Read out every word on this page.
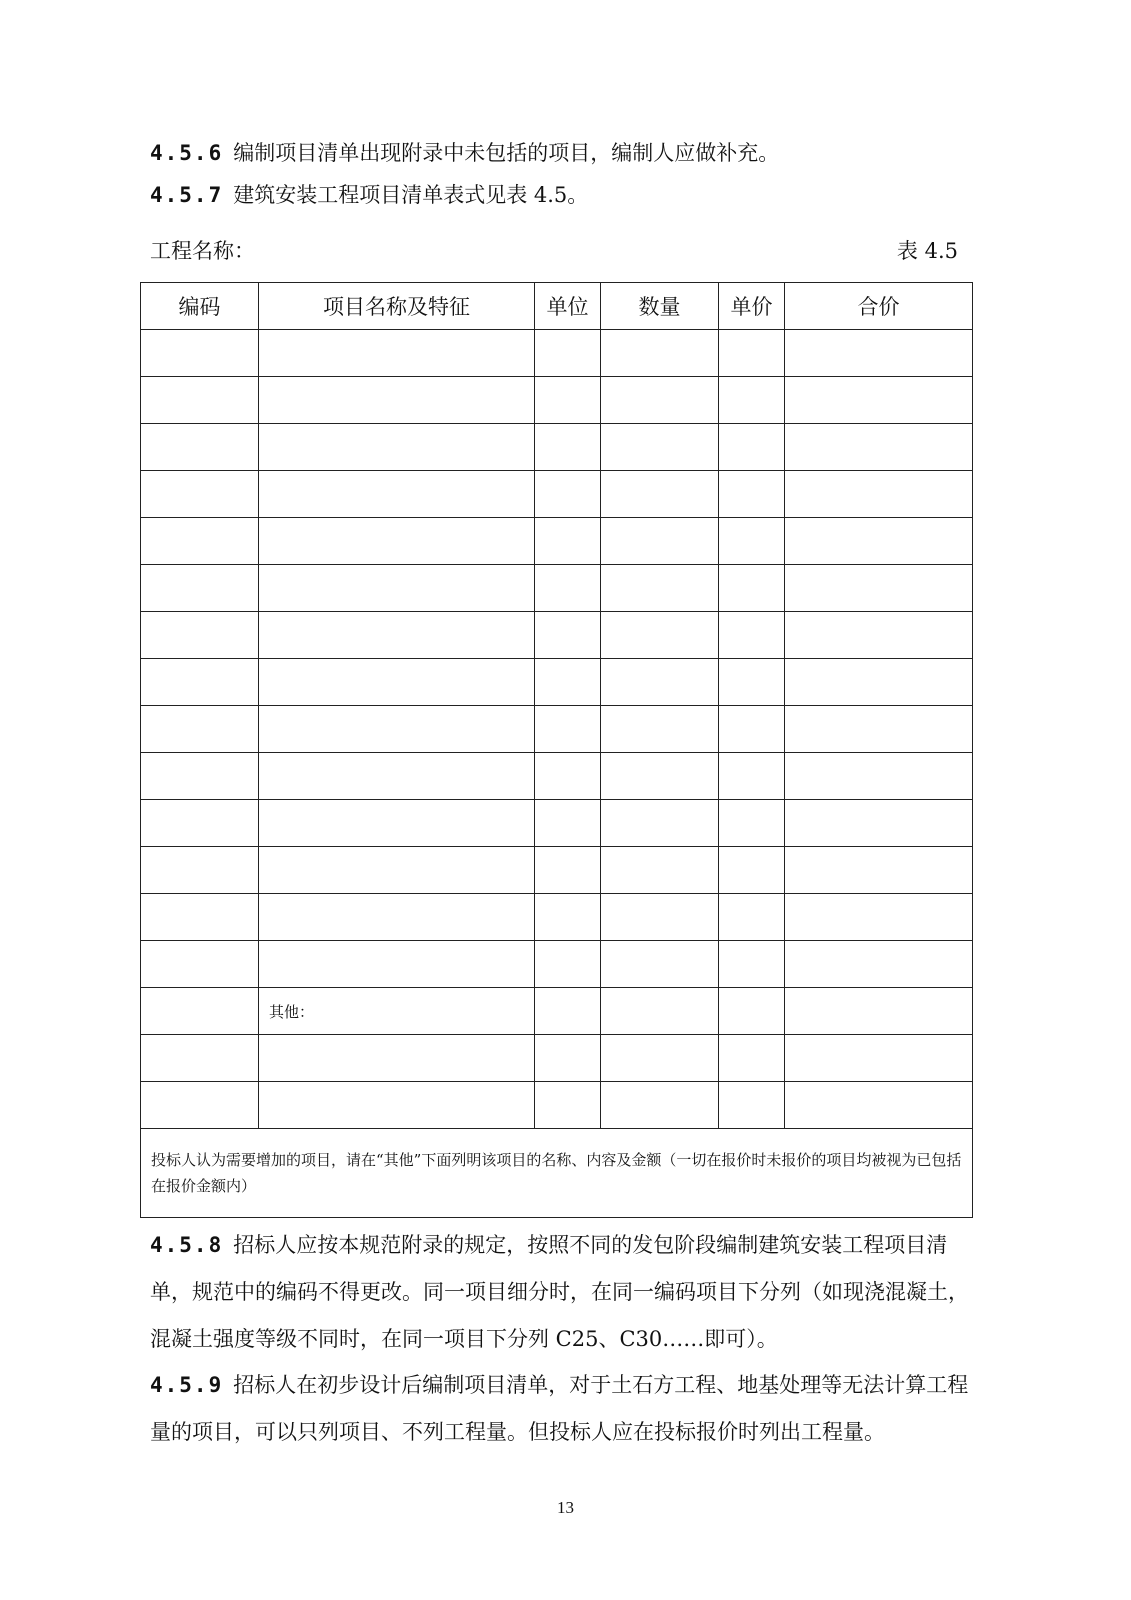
4.5.6 编制项目清单出现附录中未包括的项目，编制人应做补充。

4.5.7 建筑安装工程项目清单表式见表 4.5。

工程名称：	表 4.5
编码	项目名称及特征	单位	数量	单价	合价

	其他：				

投标人认为需要增加的项目，请在“其他”下面列明该项目的名称、内容及金额（一切在报价时未报价的项目均被视为已包括在报价金额内）					

4.5.8 招标人应按本规范附录的规定，按照不同的发包阶段编制建筑安装工程项目清单，规范中的编码不得更改。同一项目细分时，在同一编码项目下分列（如现浇混凝土，混凝土强度等级不同时，在同一项目下分列 C25、C30……即可）。

4.5.9 招标人在初步设计后编制项目清单，对于土石方工程、地基处理等无法计算工程量的项目，可以只列项目、不列工程量。但投标人应在投标报价时列出工程量。

13
